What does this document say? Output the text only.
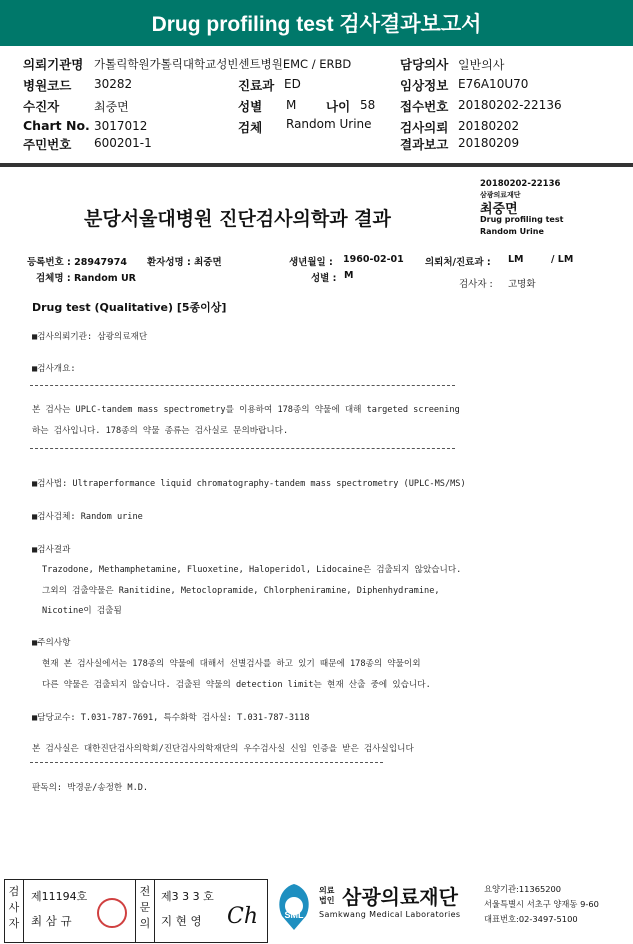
Drug profiling test 검사결과보고서
의뢰기관명 가톨릭학원가톨릭대학교성빈센트병원EMC / ERBD	담당의사 일반의사
병원코드 30282	진료과 ED	임상정보 E76A10U70
수진자	최중면	성별 M 나이 58 접수번호 20180202-22136
Chart No. 3017012	검체 Random Urine 검사의뢰 20180202
주민번호 600201-1	결과보고 20180209
20180202-22136
삼광의료재단
최중면
Drug profiling test
Random Urine
분당서울대병원 진단검사의학과 결과
등록번호 : 28947974 환자성명 : 최중면	생년월일 : 1960-02-01 의뢰처/진료과 : LM	/ LM
검체명 : Random UR	성별 : M
검사자 : 고명화
Drug test (Qualitative) [5종이상]
■검사의뢰기관: 삼광의료재단
■검사개요:
본 검사는 UPLC-tandem mass spectrometry를 이용하여 178종의 약물에 대해 targeted screening
하는 검사입니다. 178종의 약물 종류는 검사실로 문의바랍니다.
■검사법: Ultraperformance liquid chromatography-tandem mass spectrometry (UPLC-MS/MS)
■검사검체: Random urine
■검사결과
Trazodone, Methamphetamine, Fluoxetine, Haloperidol, Lidocaine은 검출되지 않았습니다.
그외의 검출약물은 Ranitidine, Metoclopramide, Chlorpheniramine, Diphenhydramine,
Nicotine이 검출됨
■주의사항
현재 본 검사실에서는 178종의 약물에 대해서 선별검사를 하고 있기 때문에 178종의 약물이외
다른 약물은 검출되지 않습니다. 검출된 약물의 detection limit는 현재 산출 중에 있습니다.
■담당교수: T.031-787-7691, 특수화학 검사실: T.031-787-3118
본 검사실은 대한진단검사의학회/진단검사의학재단의 우수검사실 신임 인증을 받은 검사실입니다
판독의: 박경운/송정한 M.D.
검사자
제11194호
최 삼 규
전문의
제3 3 3 호
지 현 영 Ch	SML
의료
법인 삼광의료재단
Samkwang Medical Laboratories
요양기관:11365200
서울특별시 서초구 양재동 9-60
대표번호:02-3497-5100
